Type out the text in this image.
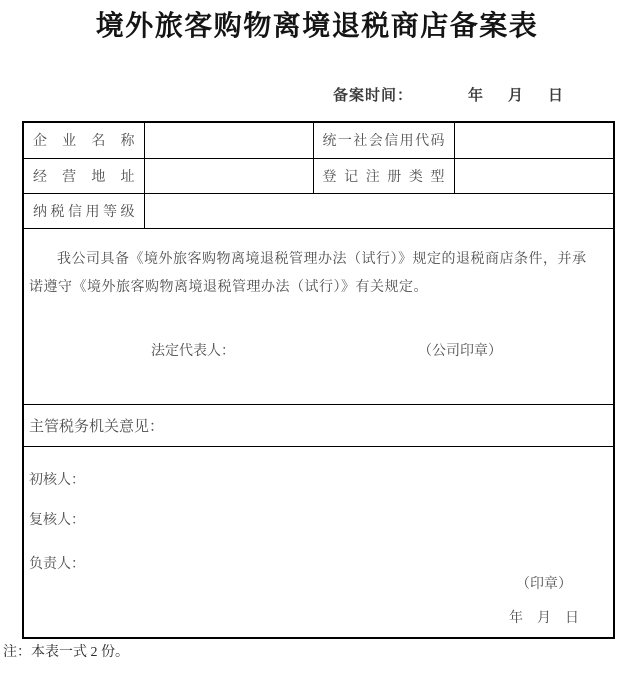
境外旅客购物离境退税商店备案表
备案时间：	年　月　日
企业名称		统一社会信用代码	
经营地址		登记注册类型	
纳税信用等级			

我公司具备《境外旅客购物离境退税管理办法（试行）》规定的退税商店条件，并承诺遵守《境外旅客购物离境退税管理办法（试行）》有关规定。
法定代表人： （公司印章）			

主管税务机关意见：			

初核人：
复核人：
负责人：
（印章）
年　月　日			
注：本表一式 2 份。
